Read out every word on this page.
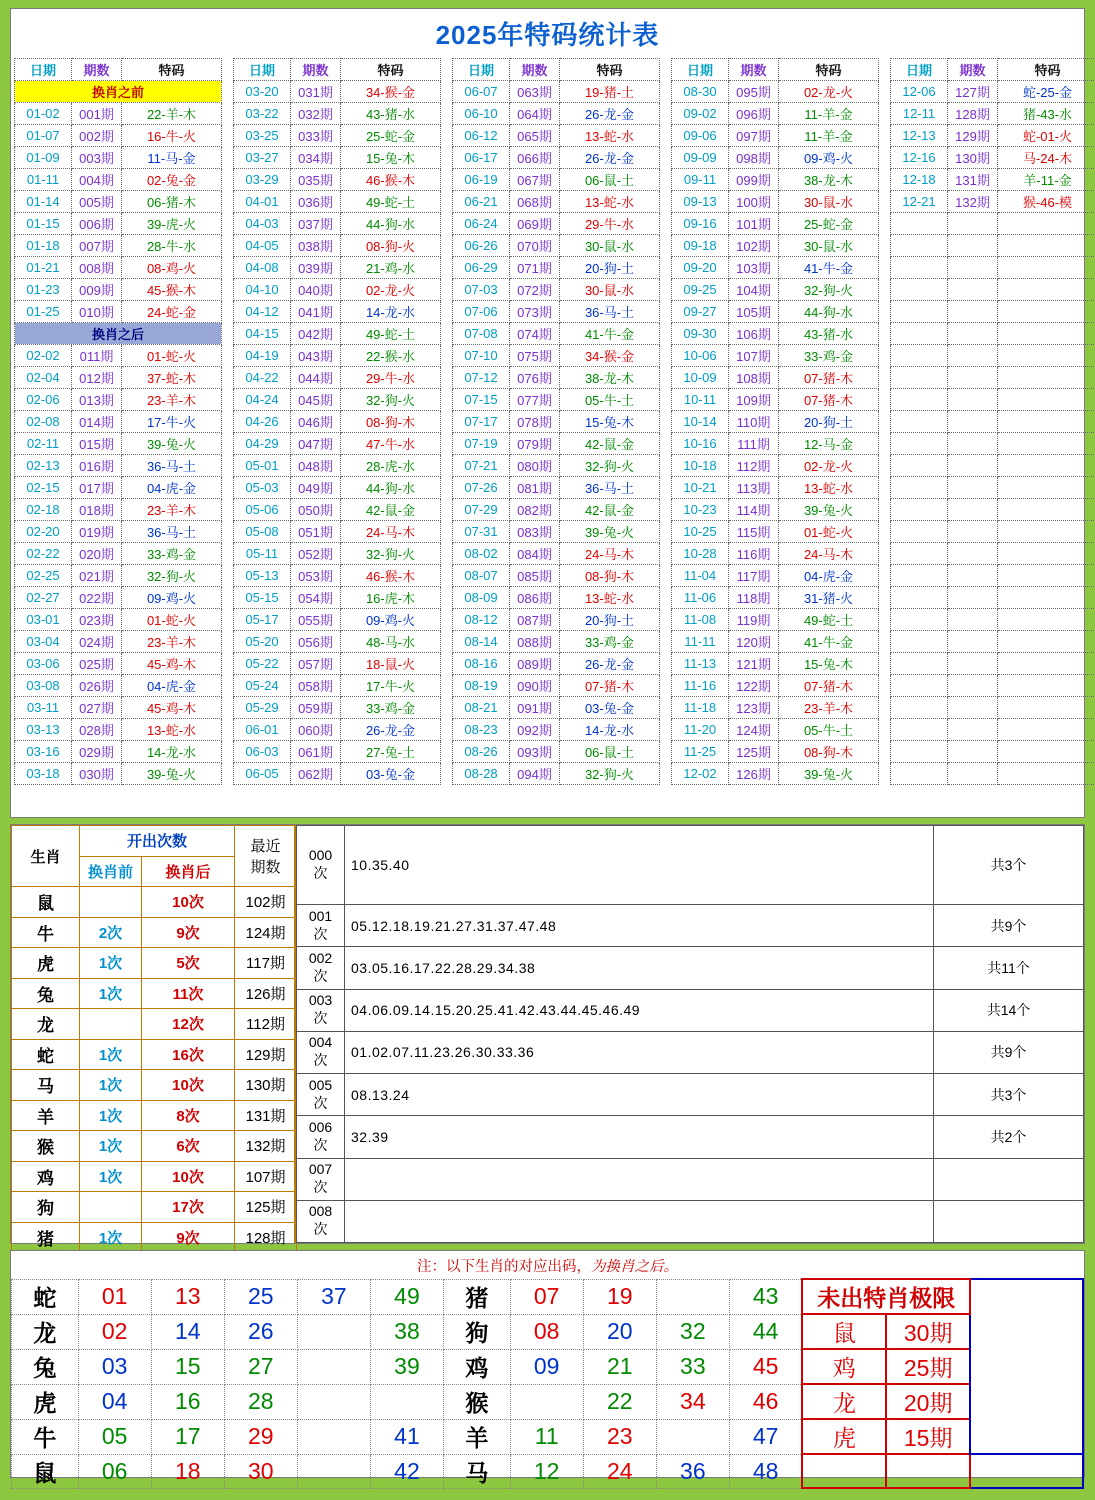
2025年特码统计表
日期	期数	特码		日期	期数	特码		日期	期数	特码		日期	期数	特码		日期	期数	特码
换肖之前				03-20	031期	34-猴-金		06-07	063期	19-猪-土		08-30	095期	02-龙-火		12-06	127期	蛇-25-金
01-02	001期	22-羊-木		03-22	032期	43-猪-水		06-10	064期	26-龙-金		09-02	096期	11-羊-金		12-11	128期	猪-43-水
01-07	002期	16-牛-火		03-25	033期	25-蛇-金		06-12	065期	13-蛇-水		09-06	097期	11-羊-金		12-13	129期	蛇-01-火
01-09	003期	11-马-金		03-27	034期	15-兔-木		06-17	066期	26-龙-金		09-09	098期	09-鸡-火		12-16	130期	马-24-木
01-11	004期	02-兔-金		03-29	035期	46-猴-木		06-19	067期	06-鼠-土		09-11	099期	38-龙-木		12-18	131期	羊-11-金
01-14	005期	06-猪-木		04-01	036期	49-蛇-土		06-21	068期	13-蛇-水		09-13	100期	30-鼠-水		12-21	132期	猴-46-模
01-15	006期	39-虎-火		04-03	037期	44-狗-水		06-24	069期	29-牛-水		09-16	101期	25-蛇-金				
01-18	007期	28-牛-水		04-05	038期	08-狗-火		06-26	070期	30-鼠-水		09-18	102期	30-鼠-水				
01-21	008期	08-鸡-火		04-08	039期	21-鸡-水		06-29	071期	20-狗-土		09-20	103期	41-牛-金				
01-23	009期	45-猴-木		04-10	040期	02-龙-火		07-03	072期	30-鼠-水		09-25	104期	32-狗-火				
01-25	010期	24-蛇-金		04-12	041期	14-龙-水		07-06	073期	36-马-土		09-27	105期	44-狗-水				
换肖之后				04-15	042期	49-蛇-土		07-08	074期	41-牛-金		09-30	106期	43-猪-水				
02-02	011期	01-蛇-火		04-19	043期	22-猴-水		07-10	075期	34-猴-金		10-06	107期	33-鸡-金				
02-04	012期	37-蛇-木		04-22	044期	29-牛-水		07-12	076期	38-龙-木		10-09	108期	07-猪-木				
02-06	013期	23-羊-木		04-24	045期	32-狗-火		07-15	077期	05-牛-土		10-11	109期	07-猪-木				
02-08	014期	17-牛-火		04-26	046期	08-狗-木		07-17	078期	15-兔-木		10-14	110期	20-狗-土				
02-11	015期	39-兔-火		04-29	047期	47-牛-水		07-19	079期	42-鼠-金		10-16	111期	12-马-金				
02-13	016期	36-马-土		05-01	048期	28-虎-水		07-21	080期	32-狗-火		10-18	112期	02-龙-火				
02-15	017期	04-虎-金		05-03	049期	44-狗-水		07-26	081期	36-马-土		10-21	113期	13-蛇-水				
02-18	018期	23-羊-木		05-06	050期	42-鼠-金		07-29	082期	42-鼠-金		10-23	114期	39-兔-火				
02-20	019期	36-马-土		05-08	051期	24-马-木		07-31	083期	39-兔-火		10-25	115期	01-蛇-火				
02-22	020期	33-鸡-金		05-11	052期	32-狗-火		08-02	084期	24-马-木		10-28	116期	24-马-木				
02-25	021期	32-狗-火		05-13	053期	46-猴-木		08-07	085期	08-狗-木		11-04	117期	04-虎-金				
02-27	022期	09-鸡-火		05-15	054期	16-虎-木		08-09	086期	13-蛇-水		11-06	118期	31-猪-火				
03-01	023期	01-蛇-火		05-17	055期	09-鸡-火		08-12	087期	20-狗-土		11-08	119期	49-蛇-土				
03-04	024期	23-羊-木		05-20	056期	48-马-水		08-14	088期	33-鸡-金		11-11	120期	41-牛-金				
03-06	025期	45-鸡-木		05-22	057期	18-鼠-火		08-16	089期	26-龙-金		11-13	121期	15-兔-木				
03-08	026期	04-虎-金		05-24	058期	17-牛-火		08-19	090期	07-猪-木		11-16	122期	07-猪-木				
03-11	027期	45-鸡-木		05-29	059期	33-鸡-金		08-21	091期	03-兔-金		11-18	123期	23-羊-木				
03-13	028期	13-蛇-水		06-01	060期	26-龙-金		08-23	092期	14-龙-水		11-20	124期	05-牛-土				
03-16	029期	14-龙-水		06-03	061期	27-兔-土		08-26	093期	06-鼠-土		11-25	125期	08-狗-木				
03-18	030期	39-兔-火		06-05	062期	03-兔-金		08-28	094期	32-狗-火		12-02	126期	39-兔-火				
生肖	开出次数		最近
期数

	换肖前	换肖后	
鼠		10次	102期
牛	2次	9次	124期
虎	1次	5次	117期
兔	1次	11次	126期
龙		12次	112期
蛇	1次	16次	129期
马	1次	10次	130期
羊	1次	8次	131期
猴	1次	6次	132期
鸡	1次	10次	107期
狗		17次	125期
猪	1次	9次	128期
000次	10.35.40	共3个
001次	05.12.18.19.21.27.31.37.47.48	共9个
002次	03.05.16.17.22.28.29.34.38	共11个
003次	04.06.09.14.15.20.25.41.42.43.44.45.46.49	共14个
004次	01.02.07.11.23.26.30.33.36	共9个
005次	08.13.24	共3个
006次	32.39	共2个
007次		
008次		
注：以下生肖的对应出码，为换肖之后。
蛇	01	13	25	37	49	猪	07	19		43	未出特肖极限		
龙	02	14	26		38	狗	08	20	32	44	鼠	30期	
兔	03	15	27		39	鸡	09	21	33	45	鸡	25期	
虎	04	16	28			猴		22	34	46	龙	20期	
牛	05	17	29		41	羊	11	23		47	虎	15期	
鼠	06	18	30		42	马	12	24	36	48			
